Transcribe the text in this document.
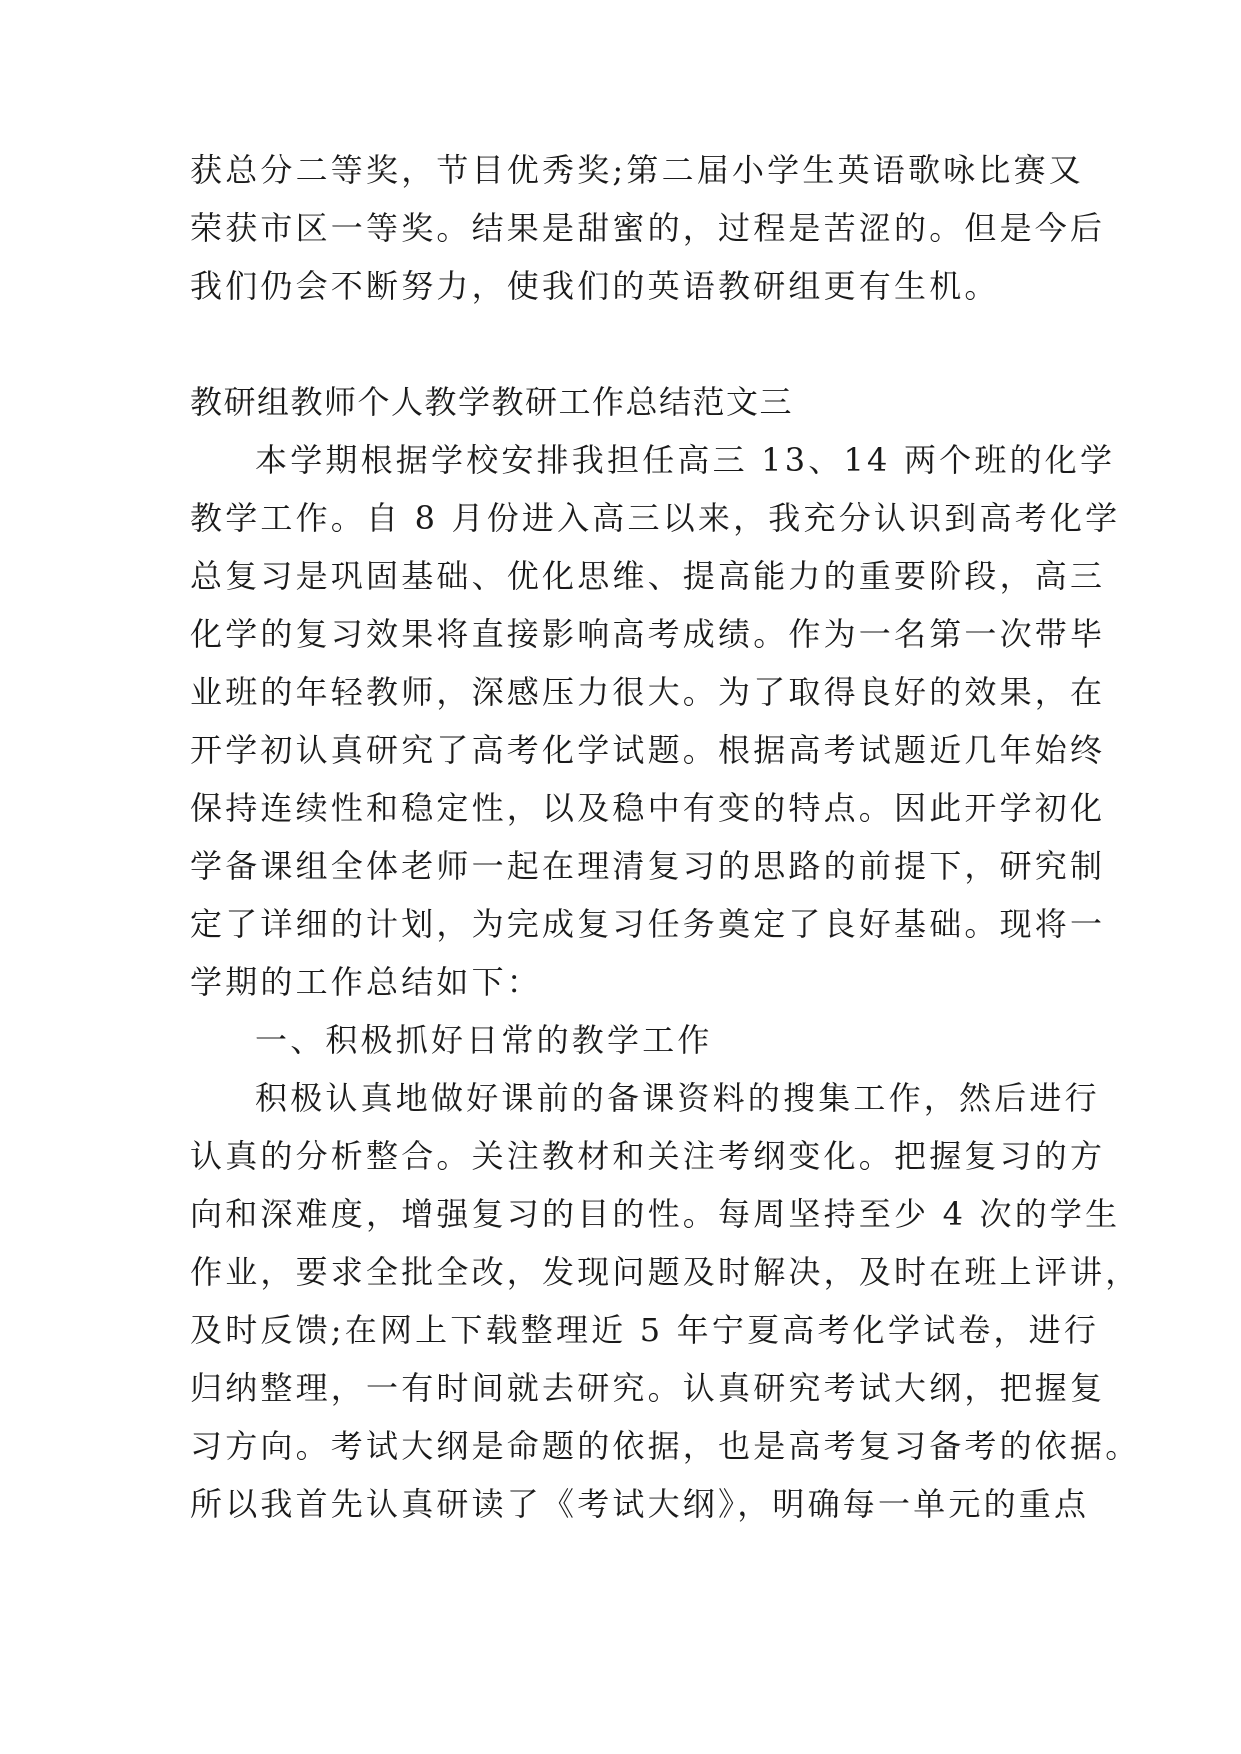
获总分二等奖，节目优秀奖;第二届小学生英语歌咏比赛又
荣获市区一等奖。结果是甜蜜的，过程是苦涩的。但是今后
我们仍会不断努力，使我们的英语教研组更有生机。
教研组教师个人教学教研工作总结范文三
本学期根据学校安排我担任高三 13、14 两个班的化学
教学工作。自 8 月份进入高三以来，我充分认识到高考化学
总复习是巩固基础、优化思维、提高能力的重要阶段，高三
化学的复习效果将直接影响高考成绩。作为一名第一次带毕
业班的年轻教师，深感压力很大。为了取得良好的效果，在
开学初认真研究了高考化学试题。根据高考试题近几年始终
保持连续性和稳定性，以及稳中有变的特点。因此开学初化
学备课组全体老师一起在理清复习的思路的前提下，研究制
定了详细的计划，为完成复习任务奠定了良好基础。现将一
学期的工作总结如下：
一、积极抓好日常的教学工作
积极认真地做好课前的备课资料的搜集工作，然后进行
认真的分析整合。关注教材和关注考纲变化。把握复习的方
向和深难度，增强复习的目的性。每周坚持至少 4 次的学生
作业，要求全批全改，发现问题及时解决，及时在班上评讲，
及时反馈;在网上下载整理近 5 年宁夏高考化学试卷，进行
归纳整理，一有时间就去研究。认真研究考试大纲，把握复
习方向。考试大纲是命题的依据，也是高考复习备考的依据。
所以我首先认真研读了《考试大纲》，明确每一单元的重点
